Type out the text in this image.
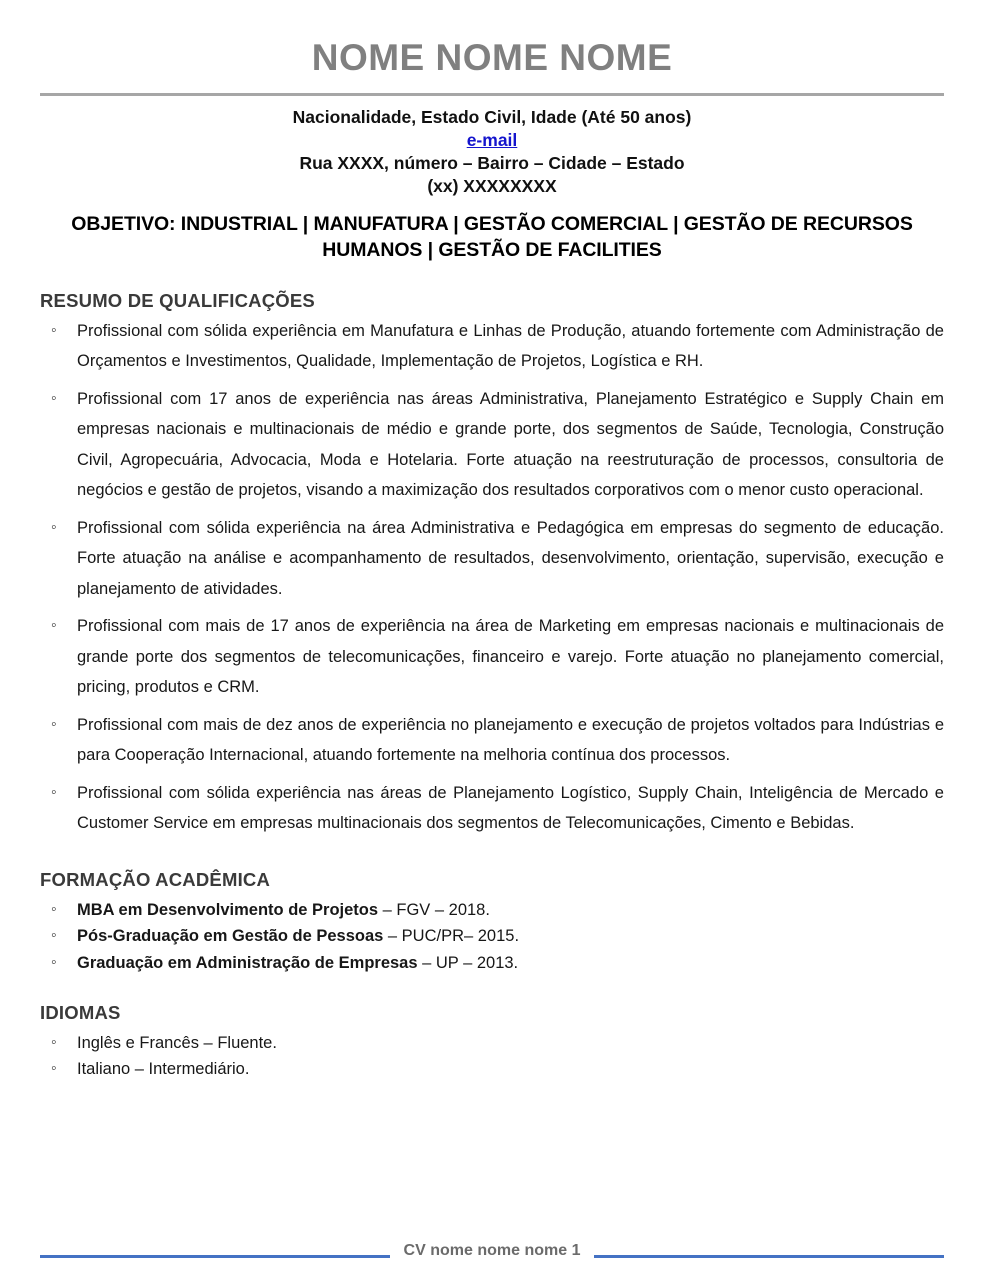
NOME NOME NOME
Nacionalidade, Estado Civil, Idade (Até 50 anos)
e-mail
Rua XXXX, número – Bairro – Cidade – Estado
(xx) XXXXXXXX
OBJETIVO: INDUSTRIAL | MANUFATURA | GESTÃO COMERCIAL | GESTÃO DE RECURSOS HUMANOS | GESTÃO DE FACILITIES
RESUMO DE QUALIFICAÇÕES
◦ Profissional com sólida experiência em Manufatura e Linhas de Produção, atuando fortemente com Administração de Orçamentos e Investimentos, Qualidade, Implementação de Projetos, Logística e RH.
◦ Profissional com 17 anos de experiência nas áreas Administrativa, Planejamento Estratégico e Supply Chain em empresas nacionais e multinacionais de médio e grande porte, dos segmentos de Saúde, Tecnologia, Construção Civil, Agropecuária, Advocacia, Moda e Hotelaria. Forte atuação na reestruturação de processos, consultoria de negócios e gestão de projetos, visando a maximização dos resultados corporativos com o menor custo operacional.
◦ Profissional com sólida experiência na área Administrativa e Pedagógica em empresas do segmento de educação. Forte atuação na análise e acompanhamento de resultados, desenvolvimento, orientação, supervisão, execução e planejamento de atividades.
◦ Profissional com mais de 17 anos de experiência na área de Marketing em empresas nacionais e multinacionais de grande porte dos segmentos de telecomunicações, financeiro e varejo. Forte atuação no planejamento comercial, pricing, produtos e CRM.
◦ Profissional com mais de dez anos de experiência no planejamento e execução de projetos voltados para Indústrias e para Cooperação Internacional, atuando fortemente na melhoria contínua dos processos.
◦ Profissional com sólida experiência nas áreas de Planejamento Logístico, Supply Chain, Inteligência de Mercado e Customer Service em empresas multinacionais dos segmentos de Telecomunicações, Cimento e Bebidas.
FORMAÇÃO ACADÊMICA
◦ MBA em Desenvolvimento de Projetos – FGV – 2018.
◦ Pós-Graduação em Gestão de Pessoas – PUC/PR– 2015.
◦ Graduação em Administração de Empresas – UP – 2013.
IDIOMAS
◦ Inglês e Francês – Fluente.
◦ Italiano – Intermediário.
CV nome nome nome 1
